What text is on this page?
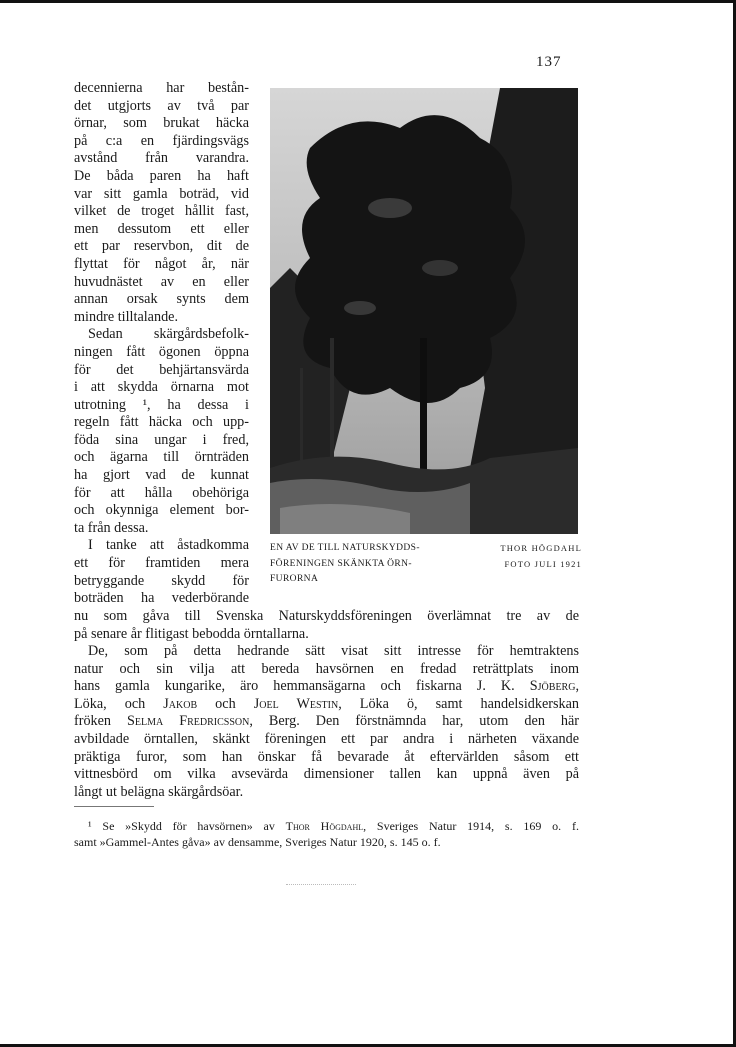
137
decennierna har bestån-
det utgjorts av två par
örnar, som brukat häcka
på c:a en fjärdingsvägs
avstånd från varandra.
De båda paren ha haft
var sitt gamla boträd, vid
vilket de troget hållit fast,
men dessutom ett eller
ett par reservbon, dit de
flyttat för något år, när
huvudnästet av en eller
annan orsak synts dem
mindre tilltalande.
Sedan skärgårdsbefolk-
ningen fått ögonen öppna
för det behjärtansvärda
i att skydda örnarna mot
utrotning ¹, ha dessa i
regeln fått häcka och upp-
föda sina ungar i fred,
och ägarna till örnträden
ha gjort vad de kunnat
för att hålla obehöriga
och okynniga element bor-
ta från dessa.
I tanke att åstadkomma
ett för framtiden mera
betryggande skydd för
boträden ha vederbörande
EN AV DE TILL NATURSKYDDS-
FÖRENINGEN SKÄNKTA ÖRN-
FURORNA
THOR HÖGDAHL
FOTO JULI 1921
nu som gåva till Svenska Naturskyddsföreningen överlämnat tre av de
på senare år flitigast bebodda örntallarna.
De, som på detta hedrande sätt visat sitt intresse för hemtraktens
natur och sin vilja att bereda havsörnen en fredad reträttplats inom
hans gamla kungarike, äro hemmansägarna och fiskarna J. K. Sjöberg,
Löka, och Jakob och Joel Westin, Löka ö, samt handelsidkerskan
fröken Selma Fredricsson, Berg. Den förstnämnda har, utom den här
avbildade örntallen, skänkt föreningen ett par andra i närheten växande
präktiga furor, som han önskar få bevarade åt eftervärlden såsom ett
vittnesbörd om vilka avsevärda dimensioner tallen kan uppnå även på
långt ut belägna skärgårdsöar.
¹ Se »Skydd för havsörnen» av Thor Högdahl, Sveriges Natur 1914, s. 169 o. f.
samt »Gammel-Antes gåva» av densamme, Sveriges Natur 1920, s. 145 o. f.
